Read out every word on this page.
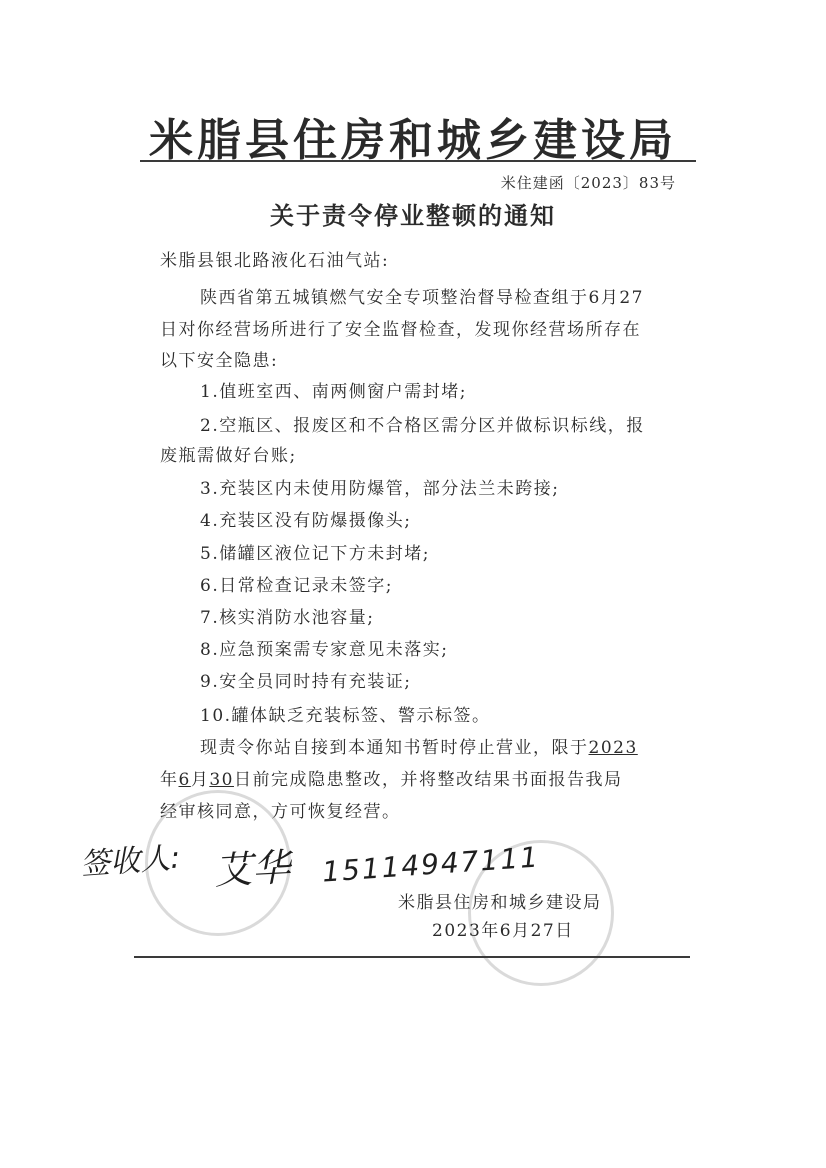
米脂县住房和城乡建设局
米住建函〔2023〕83号
关于责令停业整顿的通知
米脂县银北路液化石油气站:
陕西省第五城镇燃气安全专项整治督导检查组于6月27
日对你经营场所进行了安全监督检查，发现你经营场所存在
以下安全隐患:
1.值班室西、南两侧窗户需封堵;
2.空瓶区、报废区和不合格区需分区并做标识标线，报
废瓶需做好台账;
3.充装区内未使用防爆管，部分法兰未跨接;
4.充装区没有防爆摄像头;
5.储罐区液位记下方未封堵;
6.日常检查记录未签字;
7.核实消防水池容量;
8.应急预案需专家意见未落实;
9.安全员同时持有充装证;
10.罐体缺乏充装标签、警示标签。
现责令你站自接到本通知书暂时停止营业，限于2023
年6月30日前完成隐患整改，并将整改结果书面报告我局
经审核同意，方可恢复经营。
签收人: 艾华 15114947111
米脂县住房和城乡建设局
2023年6月27日
